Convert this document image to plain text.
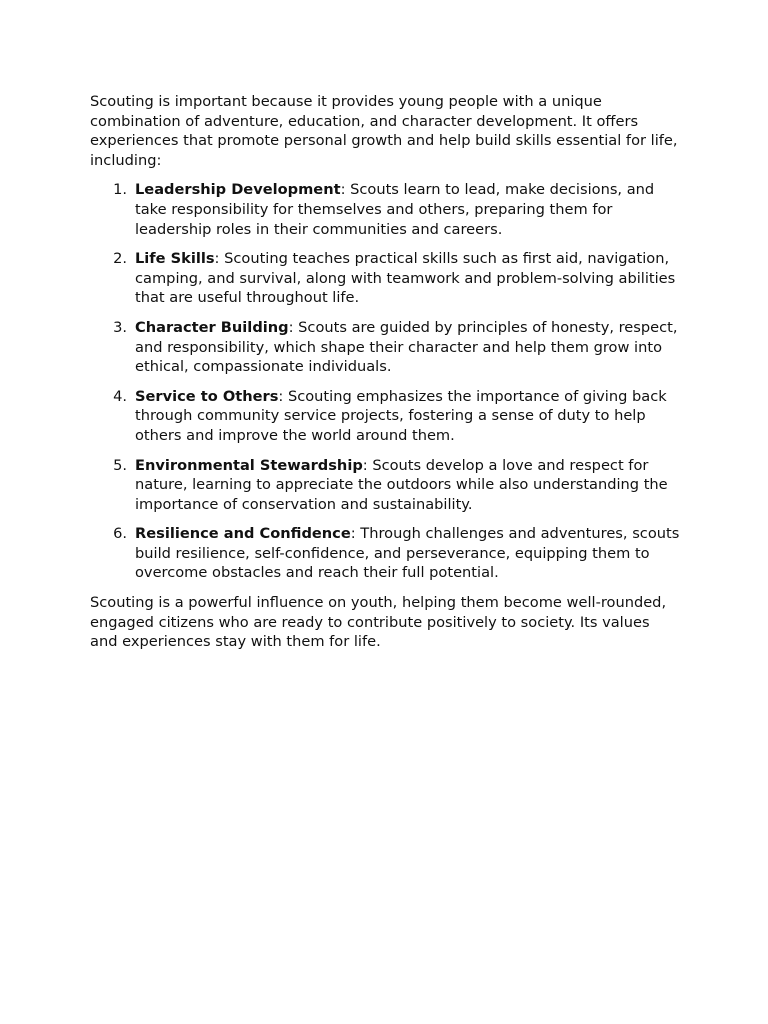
Scouting is important because it provides young people with a unique combination of adventure, education, and character development. It offers experiences that promote personal growth and help build skills essential for life, including:

1. Leadership Development: Scouts learn to lead, make decisions, and take responsibility for themselves and others, preparing them for leadership roles in their communities and careers.
2. Life Skills: Scouting teaches practical skills such as first aid, navigation, camping, and survival, along with teamwork and problem-solving abilities that are useful throughout life.
3. Character Building: Scouts are guided by principles of honesty, respect, and responsibility, which shape their character and help them grow into ethical, compassionate individuals.
4. Service to Others: Scouting emphasizes the importance of giving back through community service projects, fostering a sense of duty to help others and improve the world around them.
5. Environmental Stewardship: Scouts develop a love and respect for nature, learning to appreciate the outdoors while also understanding the importance of conservation and sustainability.
6. Resilience and Confidence: Through challenges and adventures, scouts build resilience, self-confidence, and perseverance, equipping them to overcome obstacles and reach their full potential.

Scouting is a powerful influence on youth, helping them become well-rounded, engaged citizens who are ready to contribute positively to society. Its values and experiences stay with them for life.
